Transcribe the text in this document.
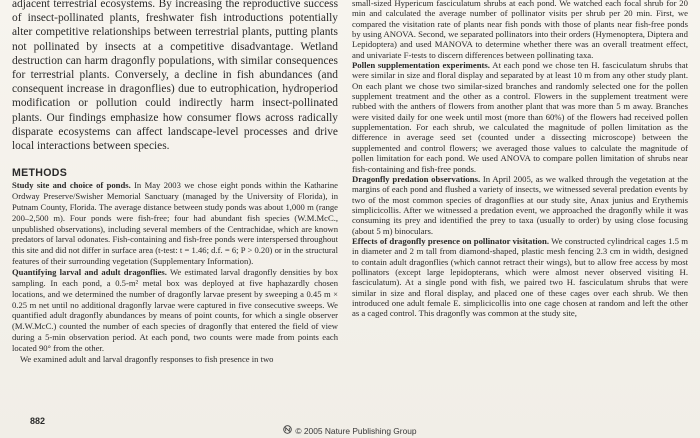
adjacent terrestrial ecosystems. By increasing the reproductive success of insect-pollinated plants, freshwater fish introductions potentially alter competitive relationships between terrestrial plants, putting plants not pollinated by insects at a competitive disadvantage. Wetland destruction can harm dragonfly populations, with similar consequences for terrestrial plants. Conversely, a decline in fish abundances (and consequent increase in dragonflies) due to eutrophication, hydroperiod modification or pollution could indirectly harm insect-pollinated plants. Our findings emphasize how consumer flows across radically disparate ecosystems can affect landscape-level processes and drive local interactions between species.

METHODS

Study site and choice of ponds. In May 2003 we chose eight ponds within the Katharine Ordway Preserve/Swisher Memorial Sanctuary (managed by the University of Florida), in Putnam County, Florida. The average distance between study ponds was about 1,000 m (range 200–2,500 m). Four ponds were fish-free; four had abundant fish species (W.M.McC., unpublished observations), including several members of the Centrachidae, which are known predators of larval odonates. Fish-containing and fish-free ponds were interspersed throughout this site and did not differ in surface area (t-test: t = 1.46; d.f. = 6; P > 0.20) or in the structural features of their surrounding vegetation (Supplementary Information).

Quantifying larval and adult dragonflies. We estimated larval dragonfly densities by box sampling. In each pond, a 0.5-m² metal box was deployed at five haphazardly chosen locations, and we determined the number of dragonfly larvae present by sweeping a 0.45 m × 0.25 m net until no additional dragonfly larvae were captured in five consecutive sweeps. We quantified adult dragonfly abundances by means of point counts, for which a single observer (M.W.McC.) counted the number of each species of dragonfly that entered the field of view during a 5-min observation period. At each pond, two counts were made from points each located 90° from the other.

We examined adult and larval dragonfly responses to fish presence in two

small-sized Hypericum fasciculatum shrubs at each pond. We watched each focal shrub for 20 min and calculated the average number of pollinator visits per shrub per 20 min. First, we compared the visitation rate of plants near fish ponds with those of plants near fish-free ponds by using ANOVA. Second, we separated pollinators into their orders (Hymenoptera, Diptera and Lepidoptera) and used MANOVA to determine whether there was an overall treatment effect, and univariate F-tests to discern differences between pollinating taxa.

Pollen supplementation experiments. At each pond we chose ten H. fasciculatum shrubs that were similar in size and floral display and separated by at least 10 m from any other study plant. On each plant we chose two similar-sized branches and randomly selected one for the pollen supplement treatment and the other as a control. Flowers in the supplement treatment were rubbed with the anthers of flowers from another plant that was more than 5 m away. Branches were visited daily for one week until most (more than 60%) of the flowers had received pollen supplementation. For each shrub, we calculated the magnitude of pollen limitation as the difference in average seed set (counted under a dissecting microscope) between the supplemented and control flowers; we averaged those values to calculate the magnitude of pollen limitation for each pond. We used ANOVA to compare pollen limitation of shrubs near fish-containing and fish-free ponds.

Dragonfly predation observations. In April 2005, as we walked through the vegetation at the margins of each pond and flushed a variety of insects, we witnessed several predation events by two of the most common species of dragonflies at our study site, Anax junius and Erythemis simplicicollis. After we witnessed a predation event, we approached the dragonfly while it was consuming its prey and identified the prey to taxa (usually to order) by using close focusing (about 5 m) binoculars.

Effects of dragonfly presence on pollinator visitation. We constructed cylindrical cages 1.5 m in diameter and 2 m tall from diamond-shaped, plastic mesh fencing 2.3 cm in width, designed to contain adult dragonflies (which cannot retract their wings), but to allow free access by most pollinators (except large lepidopterans, which were almost never observed visiting H. fasciculatum). At a single pond with fish, we paired two H. fasciculatum shrubs that were similar in size and floral display, and placed one of these cages over each shrub. We then introduced one adult female E. simplicicollis into one cage chosen at random and left the other as a caged control. This dragonfly was common at the study site,

882
© 2005 Nature Publishing Group
